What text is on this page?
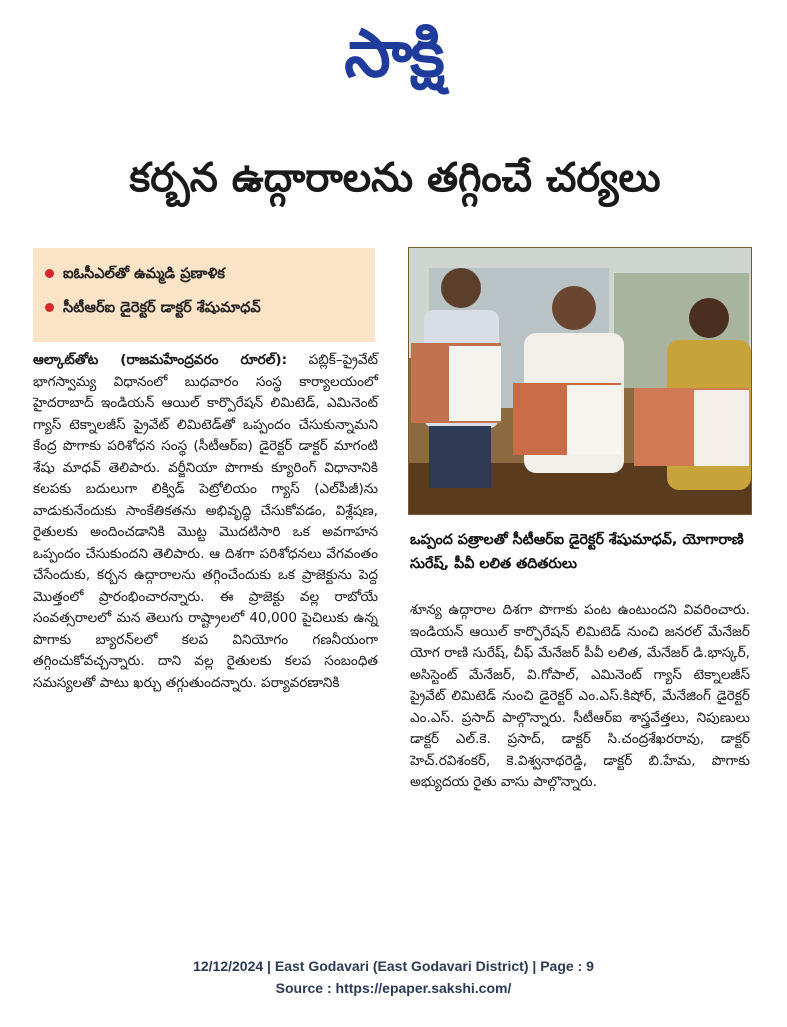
సాక్షి
కర్బన ఉద్గారాలను తగ్గించే చర్యలు
ఐఓసీఎల్‌తో ఉమ్మడి ప్రణాళిక
సీటీఆర్‌ఐ డైరెక్టర్‌ డాక్టర్‌ శేషుమాధవ్‌

ఆల్కాట్‌తోట (రాజమహేంద్రవరం రూరల్‌): పబ్లిక్‌–ప్రైవేట్‌ భాగస్వామ్య విధానంలో బుధవారం సంస్థ కార్యాలయంలో హైదరాబాద్‌ ఇండియన్‌ ఆయిల్‌ కార్పొరేషన్‌ లిమిటెడ్‌, ఎమినెంట్‌ గ్యాస్‌ టెక్నాలజీస్‌ ప్రైవేట్‌ లిమిటెడ్‌తో ఒప్పందం చేసుకున్నామని కేంద్ర పొగాకు పరిశోధన సంస్థ (సీటీఆర్‌ఐ) డైరెక్టర్‌ డాక్టర్‌ మాగంటి శేషు మాధవ్‌ తెలిపారు. వర్జీనియా పొగాకు క్యూరింగ్‌ విధానానికి కలపకు బదులుగా లిక్విడ్‌ పెట్రోలియం గ్యాస్‌ (ఎల్‌పీజీ)ను వాడుకునేందుకు సాంకేతికతను అభివృద్ధి చేసుకోవడం, విశ్లేషణ, రైతులకు అందించడానికి మొట్ట మొదటిసారి ఒక అవగాహన ఒప్పందం చేసుకుందని తెలిపారు. ఆ దిశగా పరిశోధనలు వేగవంతం చేసేందుకు, కర్బన ఉద్గారాలను తగ్గించేందుకు ఒక ప్రాజెక్టును పెద్ద మొత్తంలో ప్రారంభించారన్నారు. ఈ ప్రాజెక్టు వల్ల రాబోయే సంవత్సరాలలో మన తెలుగు రాష్ట్రాలలో 40,000 పైచిలుకు ఉన్న పొగాకు బ్యారన్‌లలో కలప వినియోగం గణనీయంగా తగ్గించుకోవచ్చన్నారు. దాని వల్ల రైతులకు కలప సంబంధిత సమస్యలతో పాటు ఖర్చు తగ్గుతుందన్నారు. పర్యావరణానికి

ఒప్పంద పత్రాలతో సీటీఆర్‌ఐ డైరెక్టర్‌ శేషుమాధవ్‌, యోగారాణి సురేష్‌, పీవీ లలిత తదితరులు

శూన్య ఉద్గారాల దిశగా పొగాకు పంట ఉంటుందని వివరించారు. ఇండియన్‌ ఆయిల్‌ కార్పొరేషన్‌ లిమిటెడ్‌ నుంచి జనరల్‌ మేనేజర్‌ యోగ రాణి సురేష్‌, చీఫ్‌ మేనేజర్‌ పీవీ లలిత, మేనేజర్‌ డి.భాస్కర్‌, అసిస్టెంట్‌ మేనేజర్‌, వి.గోపాల్‌, ఎమినెంట్‌ గ్యాస్‌ టెక్నాలజీస్‌ ప్రైవేట్‌ లిమిటెడ్‌ నుంచి డైరెక్టర్‌ ఎం.ఎస్‌.కిషోర్‌, మేనేజింగ్‌ డైరెక్టర్‌ ఎం.ఎస్‌. ప్రసాద్‌ పాల్గొన్నారు. సీటీఆర్‌ఐ శాస్త్రవేత్తలు, నిపుణులు డాక్టర్‌ ఎల్‌.కె. ప్రసాద్‌, డాక్టర్‌ సి.చంద్రశేఖరరావు, డాక్టర్‌ హెచ్‌.రవిశంకర్‌, కె.విశ్వనాథరెడ్డి, డాక్టర్‌ బి.హేమ, పొగాకు అభ్యుదయ రైతు వాసు పాల్గొన్నారు.

12/12/2024 | East Godavari (East Godavari District) | Page : 9
Source : https://epaper.sakshi.com/
